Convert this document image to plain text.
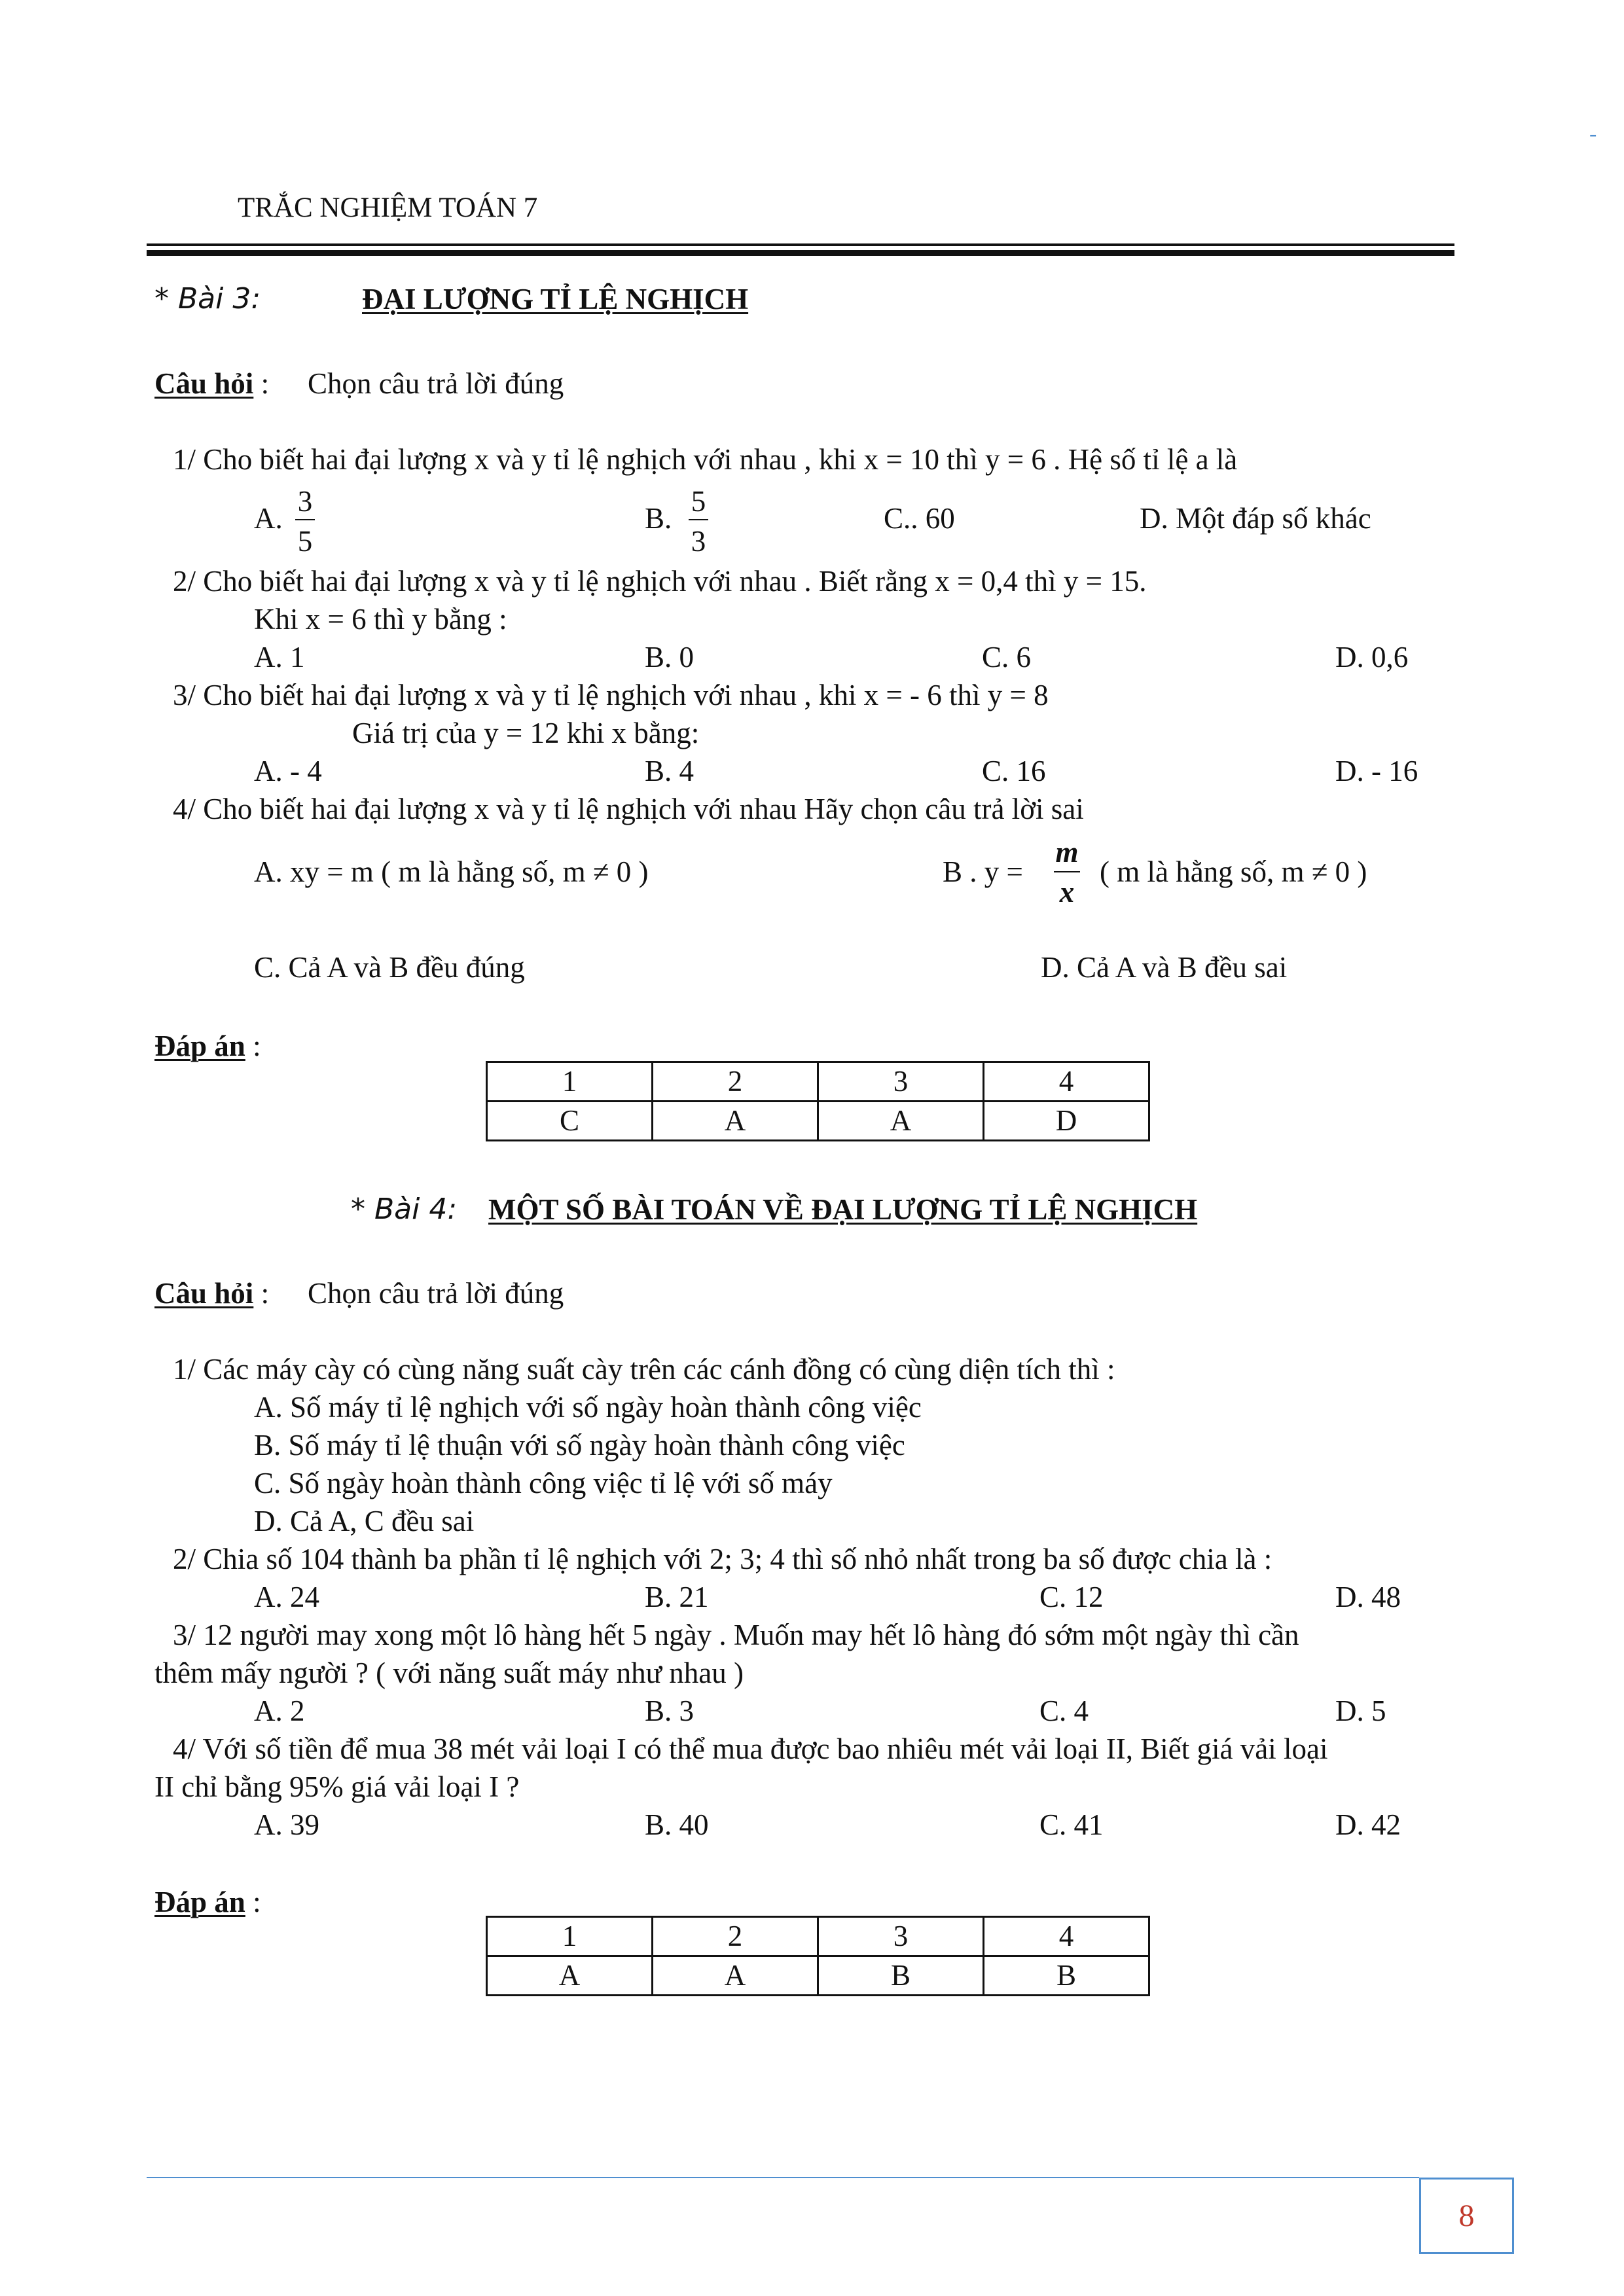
-
TRẮC NGHIỆM TOÁN 7
* Bài 3:	ĐẠI LƯỢNG TỈ LỆ NGHỊCH
Câu hỏi : Chọn câu trả lời đúng
1/ Cho biết hai đại lượng x và y tỉ lệ nghịch với nhau , khi x = 10 thì y = 6 . Hệ số tỉ lệ a là
A.
3
5
B.
5
3
C.. 60	D. Một đáp số khác
2/ Cho biết hai đại lượng x và y tỉ lệ nghịch với nhau . Biết rằng x = 0,4 thì y = 15.
Khi x = 6 thì y bằng :
A. 1	B. 0	C. 6	D. 0,6
3/ Cho biết hai đại lượng x và y tỉ lệ nghịch với nhau , khi x = - 6 thì y = 8
Giá trị của y = 12 khi x bằng:
A. - 4	B. 4	C. 16	D. - 16
4/ Cho biết hai đại lượng x và y tỉ lệ nghịch với nhau Hãy chọn câu trả lời sai
A. xy = m ( m là hằng số, m ≠ 0 )	B . y =
m
x
( m là hằng số, m ≠ 0 )
C. Cả A và B đều đúng	D. Cả A và B đều sai
Đáp án :
1	2	3	4
C	A	A	D
* Bài 4: MỘT SỐ BÀI TOÁN VỀ ĐẠI LƯỢNG TỈ LỆ NGHỊCH
Câu hỏi : Chọn câu trả lời đúng
1/ Các máy cày có cùng năng suất cày trên các cánh đồng có cùng diện tích thì :
A. Số máy tỉ lệ nghịch với số ngày hoàn thành công việc
B. Số máy tỉ lệ thuận với số ngày hoàn thành công việc
C. Số ngày hoàn thành công việc tỉ lệ với số máy
D. Cả A, C đều sai
2/ Chia số 104 thành ba phần tỉ lệ nghịch với 2; 3; 4 thì số nhỏ nhất trong ba số được chia là :
A. 24	B. 21	C. 12	D. 48
3/ 12 người may xong một lô hàng hết 5 ngày . Muốn may hết lô hàng đó sớm một ngày thì cần
thêm mấy người ? ( với năng suất máy như nhau )
A. 2	B. 3	C. 4	D. 5
4/ Với số tiền để mua 38 mét vải loại I có thể mua được bao nhiêu mét vải loại II, Biết giá vải loại
II chỉ bằng 95% giá vải loại I ?
A. 39	B. 40	C. 41	D. 42
Đáp án :
1	2	3	4
A	A	B	B
8
